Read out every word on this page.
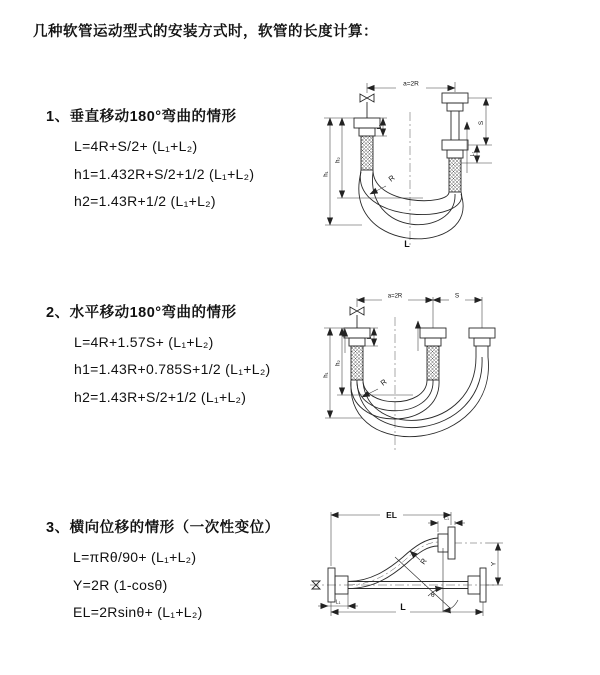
几种软管运动型式的安装方式时，软管的长度计算：
1、垂直移动180°弯曲的情形
L=4R+S/2+ (L₁+L₂)
h1=1.432R+S/2+1/2 (L₁+L₂)
h2=1.43R+1/2 (L₁+L₂)
2、水平移动180°弯曲的情形
L=4R+1.57S+ (L₁+L₂)
h1=1.43R+0.785S+1/2 (L₁+L₂)
h2=1.43R+S/2+1/2 (L₁+L₂)
3、横向位移的情形（一次性变位）
L=πRθ/90+ (L₁+L₂)
Y=2R (1-cosθ)
EL=2Rsinθ+ (L₁+L₂)
a=2R
S
L₁
L₁
h₂
h₁	R
L
a=2R	S
L₁
h₂
h₁
R
EL	L₁
Y
L
L₁
R
θ
